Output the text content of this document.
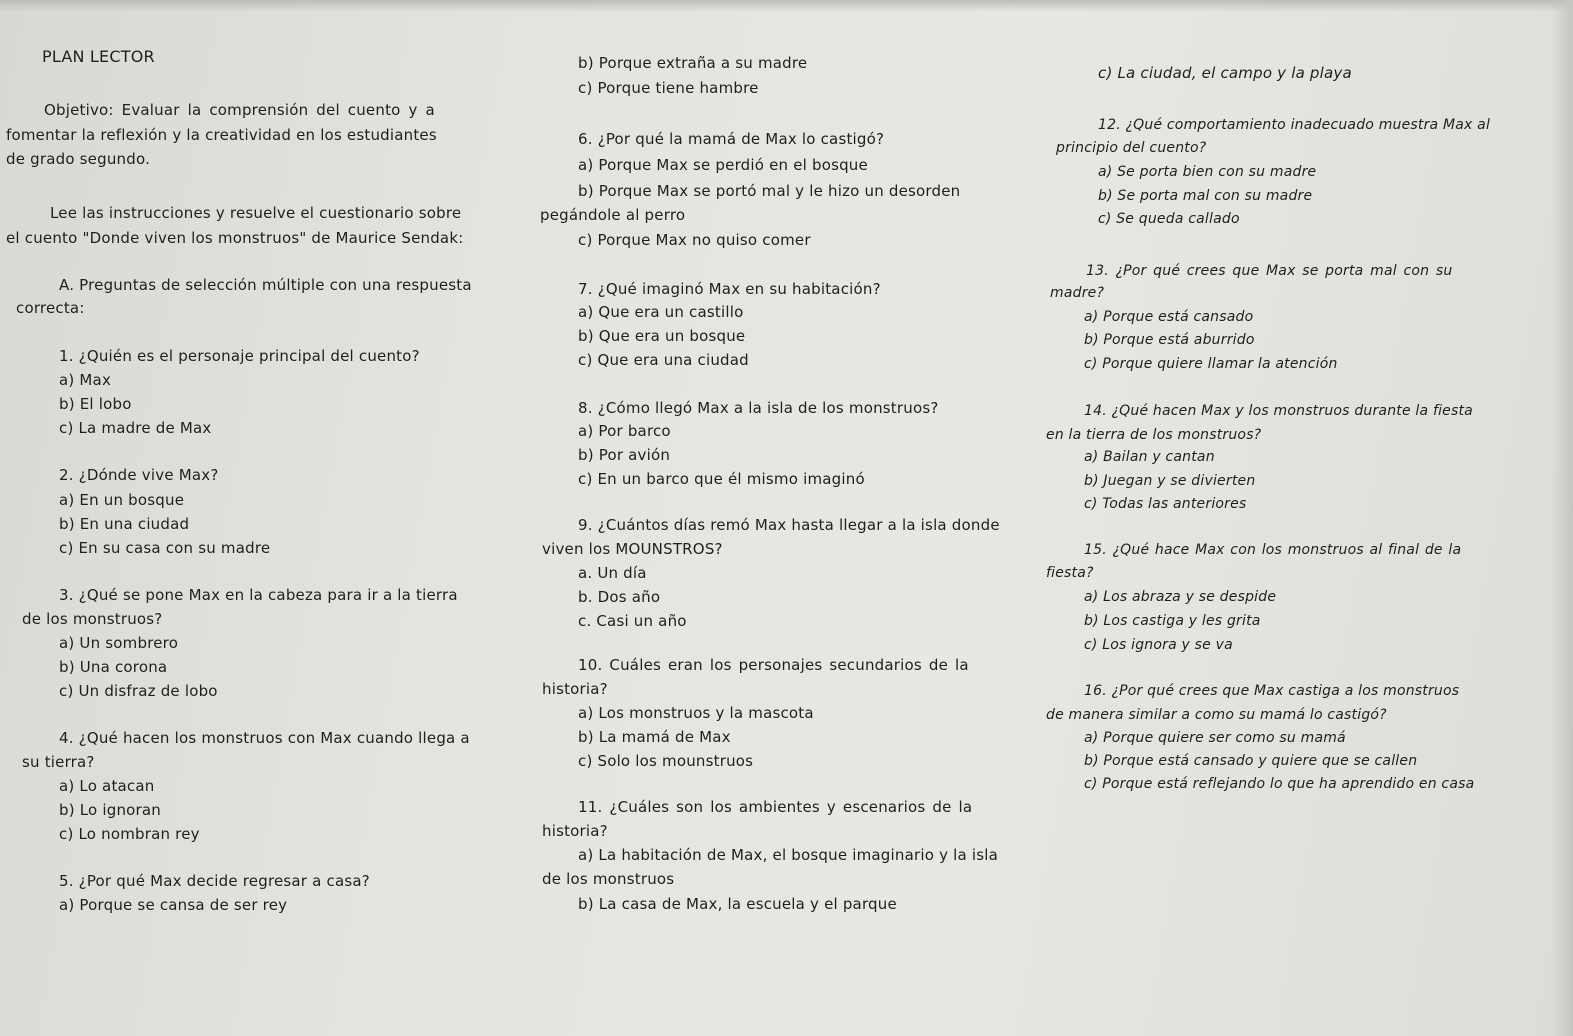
PLAN LECTOR
Objetivo: Evaluar la comprensión del cuento y a
fomentar la reflexión y la creatividad en los estudiantes
de grado segundo.
Lee las instrucciones y resuelve el cuestionario sobre
el cuento "Donde viven los monstruos" de Maurice Sendak:
A. Preguntas de selección múltiple con una respuesta
correcta:
1. ¿Quién es el personaje principal del cuento?
a) Max
b) El lobo
c) La madre de Max
2. ¿Dónde vive Max?
a) En un bosque
b) En una ciudad
c) En su casa con su madre
3. ¿Qué se pone Max en la cabeza para ir a la tierra
de los monstruos?
a) Un sombrero
b) Una corona
c) Un disfraz de lobo
4. ¿Qué hacen los monstruos con Max cuando llega a
su tierra?
a) Lo atacan
b) Lo ignoran
c) Lo nombran rey
5. ¿Por qué Max decide regresar a casa?
a) Porque se cansa de ser rey
b) Porque extraña a su madre
c) Porque tiene hambre
6. ¿Por qué la mamá de Max lo castigó?
a) Porque Max se perdió en el bosque
b) Porque Max se portó mal y le hizo un desorden
pegándole al perro
c) Porque Max no quiso comer
7. ¿Qué imaginó Max en su habitación?
a) Que era un castillo
b) Que era un bosque
c) Que era una ciudad
8. ¿Cómo llegó Max a la isla de los monstruos?
a) Por barco
b) Por avión
c) En un barco que él mismo imaginó
9. ¿Cuántos días remó Max hasta llegar a la isla donde
viven los MOUNSTROS?
a. Un día
b. Dos año
c. Casi un año
10. Cuáles eran los personajes secundarios de la
historia?
a) Los monstruos y la mascota
b) La mamá de Max
c) Solo los mounstruos
11. ¿Cuáles son los ambientes y escenarios de la
historia?
a) La habitación de Max, el bosque imaginario y la isla
de los monstruos
b) La casa de Max, la escuela y el parque
c) La ciudad, el campo y la playa
12. ¿Qué comportamiento inadecuado muestra Max al
principio del cuento?
a) Se porta bien con su madre
b) Se porta mal con su madre
c) Se queda callado
13. ¿Por qué crees que Max se porta mal con su
madre?
a) Porque está cansado
b) Porque está aburrido
c) Porque quiere llamar la atención
14. ¿Qué hacen Max y los monstruos durante la fiesta
en la tierra de los monstruos?
a) Bailan y cantan
b) Juegan y se divierten
c) Todas las anteriores
15. ¿Qué hace Max con los monstruos al final de la
fiesta?
a) Los abraza y se despide
b) Los castiga y les grita
c) Los ignora y se va
16. ¿Por qué crees que Max castiga a los monstruos
de manera similar a como su mamá lo castigó?
a) Porque quiere ser como su mamá
b) Porque está cansado y quiere que se callen
c) Porque está reflejando lo que ha aprendido en casa
